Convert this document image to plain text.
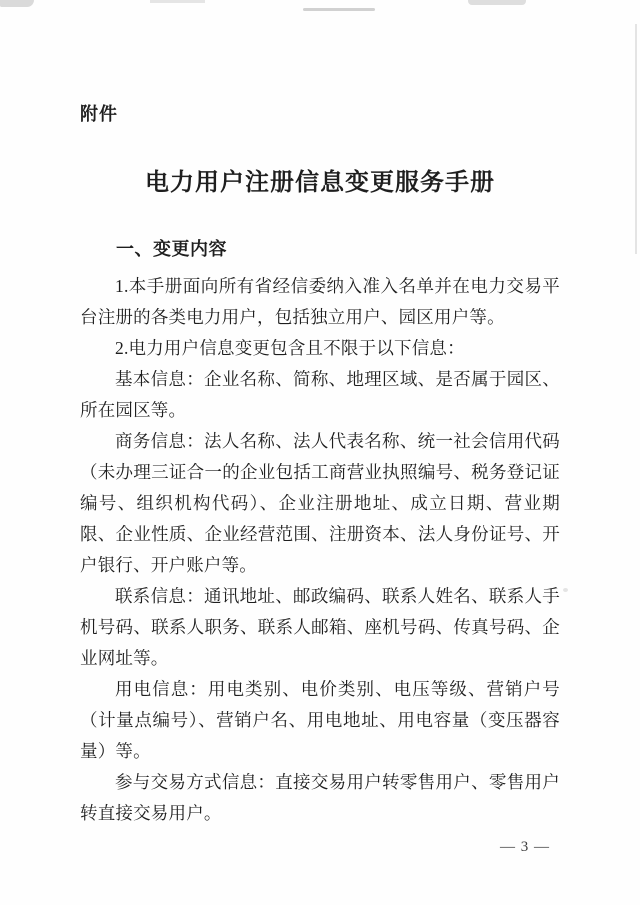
附件
电力用户注册信息变更服务手册
一、变更内容

1.本手册面向所有省经信委纳入准入名单并在电力交易平台注册的各类电力用户，包括独立用户、园区用户等。

2.电力用户信息变更包含且不限于以下信息：

基本信息：企业名称、简称、地理区域、是否属于园区、所在园区等。

商务信息：法人名称、法人代表名称、统一社会信用代码（未办理三证合一的企业包括工商营业执照编号、税务登记证编号、组织机构代码）、企业注册地址、成立日期、营业期限、企业性质、企业经营范围、注册资本、法人身份证号、开户银行、开户账户等。

联系信息：通讯地址、邮政编码、联系人姓名、联系人手机号码、联系人职务、联系人邮箱、座机号码、传真号码、企业网址等。

用电信息：用电类别、电价类别、电压等级、营销户号（计量点编号）、营销户名、用电地址、用电容量（变压器容量）等。

参与交易方式信息：直接交易用户转零售用户、零售用户转直接交易用户。

— 3 —
